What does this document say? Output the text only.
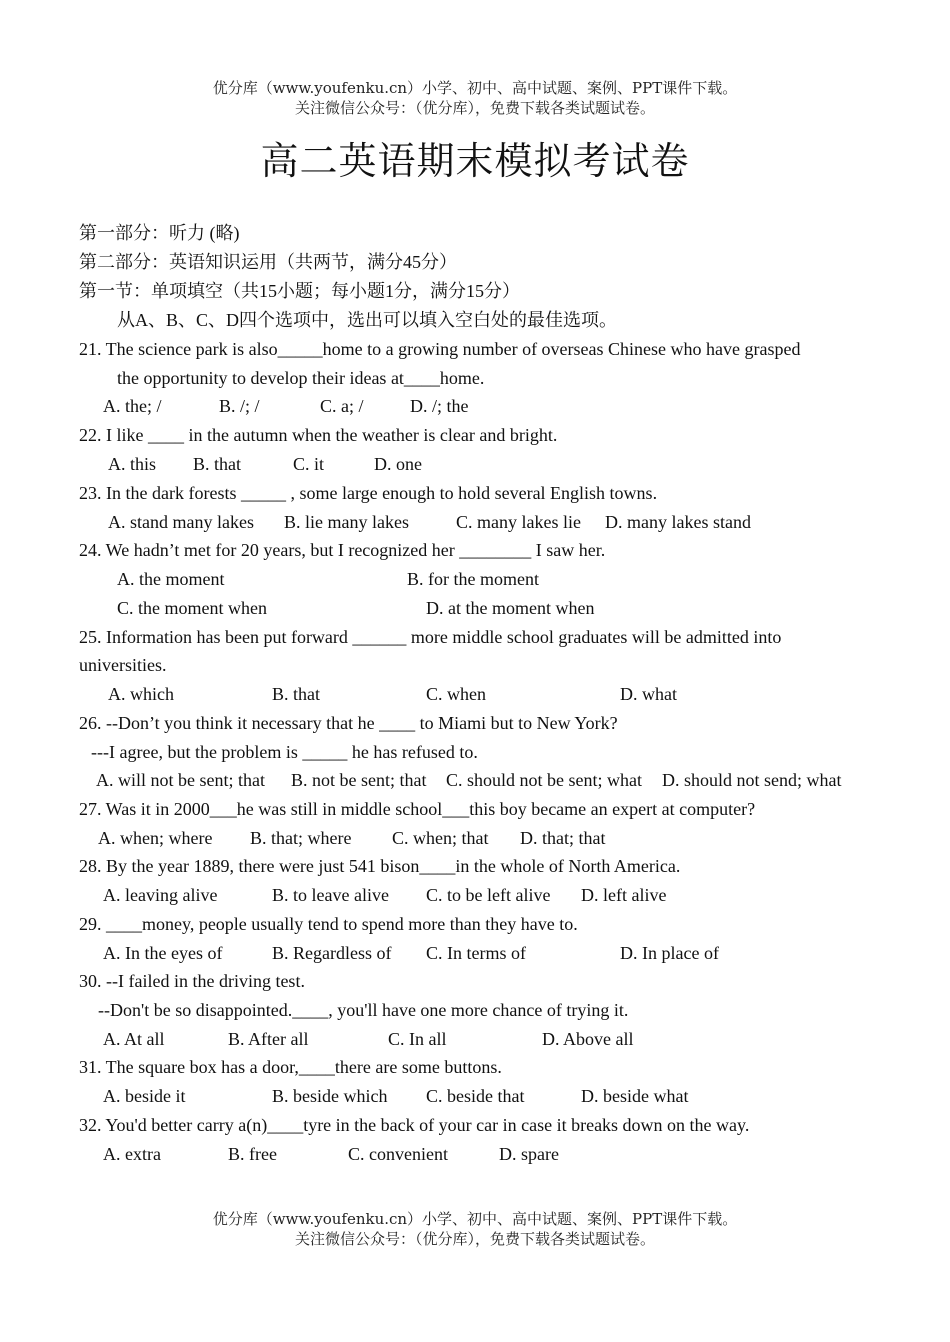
优分库（www.youfenku.cn）小学、初中、高中试题、案例、PPT课件下载。
关注微信公众号：（优分库），免费下载各类试题试卷。
高二英语期末模拟考试卷
第一部分：听力 (略)
第二部分：英语知识运用（共两节，满分45分）
第一节：单项填空（共15小题；每小题1分，满分15分）
从A、B、C、D四个选项中，选出可以填入空白处的最佳选项。
21. The science park is also_____home to a growing number of overseas Chinese who have grasped
the opportunity to develop their ideas at____home.
A. the; /	B. /; /	C. a; /	D. /; the
22. I like ____ in the autumn when the weather is clear and bright.
A. this B. that	C. it	D. one
23. In the dark forests _____ , some large enough to hold several English towns.
A. stand many lakes B. lie many lakes	C. many lakes lie D. many lakes stand
24. We hadn’t met for 20 years, but I recognized her ________ I saw her.
A. the moment	B. for the moment
C. the moment when	D. at the moment when
25. Information has been put forward ______ more middle school graduates will be admitted into
universities.
A. which	B. that	C. when	D. what
26. --Don’t you think it necessary that he ____ to Miami but to New York?
---I agree, but the problem is _____ he has refused to.
A. will not be sent; that B. not be sent; that C. should not be sent; what D. should not send; what
27. Was it in 2000___he was still in middle school___this boy became an expert at computer?
A. when; where B. that; where C. when; that D. that; that
28. By the year 1889, there were just 541 bison____in the whole of North America.
A. leaving alive	B. to leave alive C. to be left alive D. left alive
29. ____money, people usually tend to spend more than they have to.
A. In the eyes of	B. Regardless of C. In terms of	D. In place of
30. --I failed in the driving test.
--Don't be so disappointed.____, you'll have one more chance of trying it.
A. At all	B. After all	C. In all	D. Above all
31. The square box has a door,____there are some buttons.
A. beside it	B. beside which C. beside that	D. beside what
32. You'd better carry a(n)____tyre in the back of your car in case it breaks down on the way.
A. extra	B. free	C. convenient	D. spare
优分库（www.youfenku.cn）小学、初中、高中试题、案例、PPT课件下载。
关注微信公众号：（优分库），免费下载各类试题试卷。
